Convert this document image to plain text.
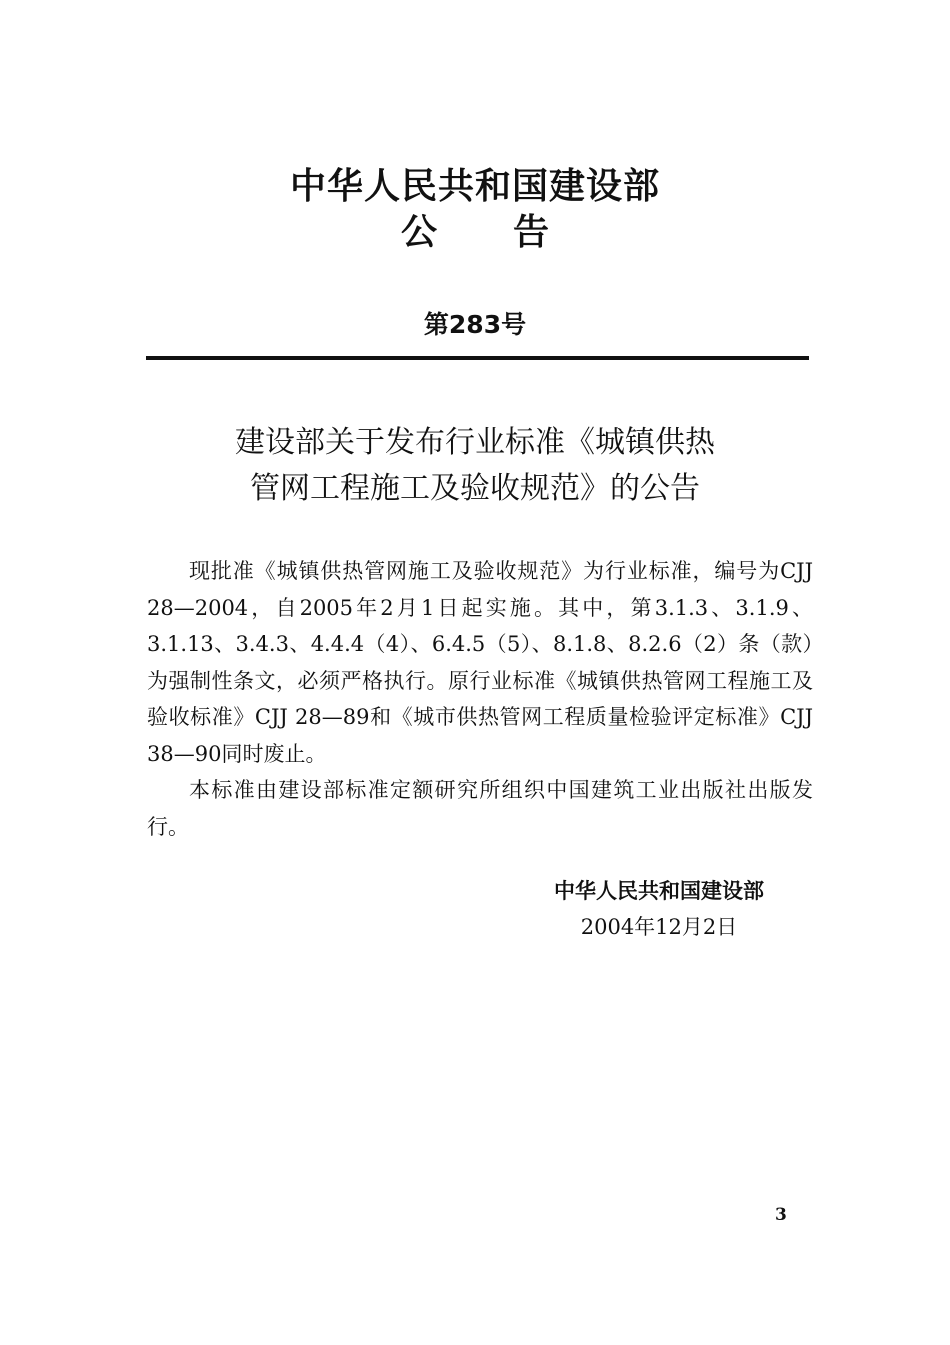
中华人民共和国建设部
公告
第283号
建设部关于发布行业标准《城镇供热
管网工程施工及验收规范》的公告

现批准《城镇供热管网施工及验收规范》为行业标准，编号为CJJ 28—2004，自2005年2月1日起实施。其中，第3.1.3、3.1.9、3.1.13、3.4.3、4.4.4（4）、6.4.5（5）、8.1.8、8.2.6（2）条（款）为强制性条文，必须严格执行。原行业标准《城镇供热管网工程施工及验收标准》CJJ 28—89和《城市供热管网工程质量检验评定标准》CJJ 38—90同时废止。

本标准由建设部标准定额研究所组织中国建筑工业出版社出版发行。

中华人民共和国建设部
2004年12月2日
3
